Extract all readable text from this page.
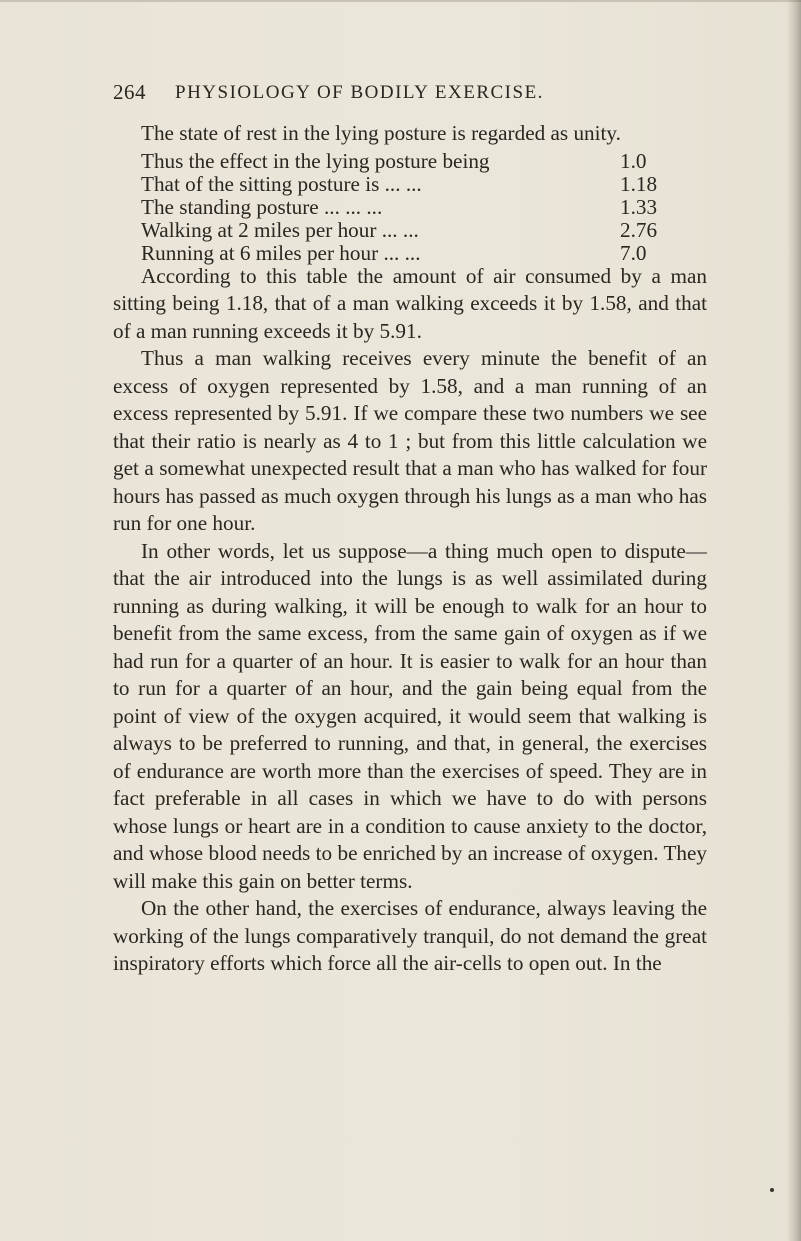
264 PHYSIOLOGY OF BODILY EXERCISE.

The state of rest in the lying posture is regarded as unity.

Thus the effect in the lying posture being	1.0
That of the sitting posture is ... ...	1.18
The standing posture ... ... ...	1.33
Walking at 2 miles per hour ... ...	2.76
Running at 6 miles per hour ... ...	7.0

According to this table the amount of air consumed by a man sitting being 1.18, that of a man walking exceeds it by 1.58, and that of a man running exceeds it by 5.91.

Thus a man walking receives every minute the benefit of an excess of oxygen represented by 1.58, and a man running of an excess represented by 5.91. If we compare these two numbers we see that their ratio is nearly as 4 to 1 ; but from this little calculation we get a somewhat unexpected result that a man who has walked for four hours has passed as much oxygen through his lungs as a man who has run for one hour.

In other words, let us suppose—a thing much open to dispute—that the air introduced into the lungs is as well assimilated during running as during walking, it will be enough to walk for an hour to benefit from the same excess, from the same gain of oxygen as if we had run for a quarter of an hour. It is easier to walk for an hour than to run for a quarter of an hour, and the gain being equal from the point of view of the oxygen acquired, it would seem that walking is always to be preferred to running, and that, in general, the exercises of endurance are worth more than the exercises of speed. They are in fact preferable in all cases in which we have to do with persons whose lungs or heart are in a condition to cause anxiety to the doctor, and whose blood needs to be enriched by an increase of oxygen. They will make this gain on better terms.

On the other hand, the exercises of endurance, always leaving the working of the lungs comparatively tranquil, do not demand the great inspiratory efforts which force all the air-cells to open out. In the
